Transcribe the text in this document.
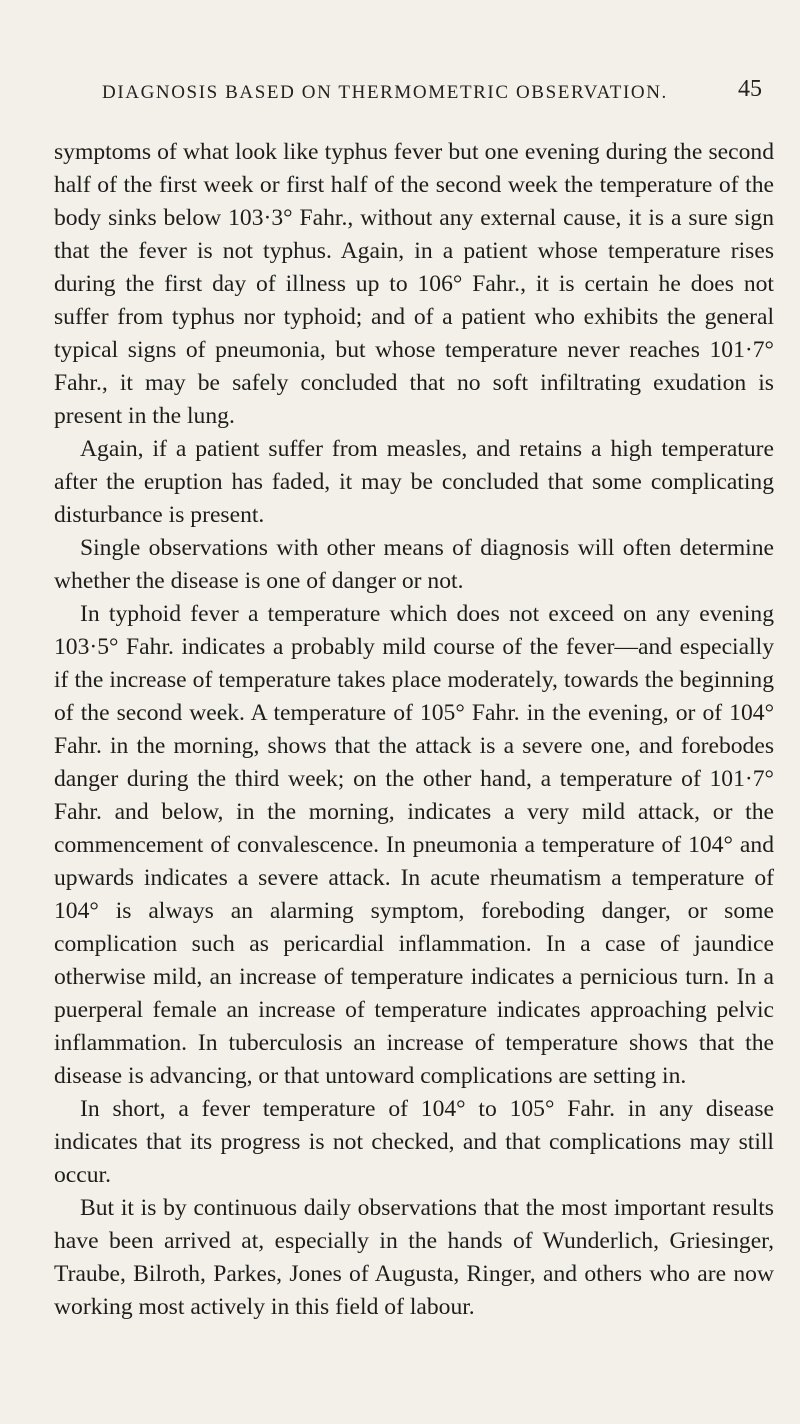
DIAGNOSIS BASED ON THERMOMETRIC OBSERVATION.	45

symptoms of what look like typhus fever but one evening during the second half of the first week or first half of the second week the temperature of the body sinks below 103·3° Fahr., without any external cause, it is a sure sign that the fever is not typhus. Again, in a patient whose temperature rises during the first day of illness up to 106° Fahr., it is certain he does not suffer from typhus nor typhoid; and of a patient who exhibits the general typical signs of pneumonia, but whose temperature never reaches 101·7° Fahr., it may be safely concluded that no soft infiltrating exudation is present in the lung.

Again, if a patient suffer from measles, and retains a high temperature after the eruption has faded, it may be concluded that some complicating disturbance is present.

Single observations with other means of diagnosis will often determine whether the disease is one of danger or not.

In typhoid fever a temperature which does not exceed on any evening 103·5° Fahr. indicates a probably mild course of the fever—and especially if the increase of temperature takes place moderately, towards the beginning of the second week. A temperature of 105° Fahr. in the evening, or of 104° Fahr. in the morning, shows that the attack is a severe one, and forebodes danger during the third week; on the other hand, a temperature of 101·7° Fahr. and below, in the morning, indicates a very mild attack, or the commencement of convalescence. In pneumonia a temperature of 104° and upwards indicates a severe attack. In acute rheumatism a temperature of 104° is always an alarming symptom, foreboding danger, or some complication such as pericardial inflammation. In a case of jaundice otherwise mild, an increase of temperature indicates a pernicious turn. In a puerperal female an increase of temperature indicates approaching pelvic inflammation. In tuberculosis an increase of temperature shows that the disease is advancing, or that untoward complications are setting in.

In short, a fever temperature of 104° to 105° Fahr. in any disease indicates that its progress is not checked, and that complications may still occur.

But it is by continuous daily observations that the most important results have been arrived at, especially in the hands of Wunderlich, Griesinger, Traube, Bilroth, Parkes, Jones of Augusta, Ringer, and others who are now working most actively in this field of labour.
